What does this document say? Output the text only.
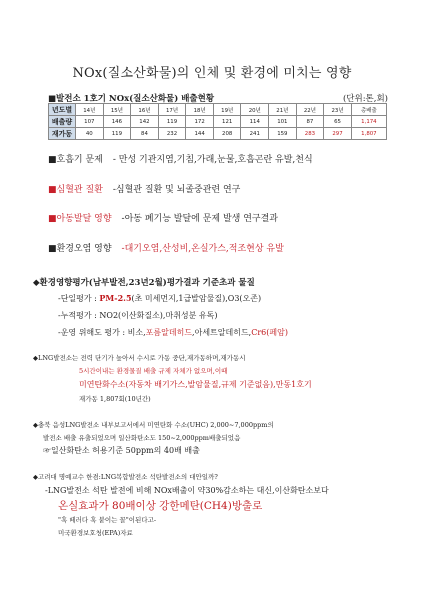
NOx(질소산화물)의 인체 및 환경에 미치는 영향
■발전소 1호기 NOx(질소산화물) 배출현황	(단위:톤,회)
년도별	14년	15년	16년	17년	18년	19년	20년	21년	22년	23년	총배출
배출량	107	146	142	119	172	121	114	101	87	65	1,174
재가동	40	119	84	232	144	208	241	159	283	297	1,807
■호흡기 문제 - 만성 기관지염,기침,가래,눈물,호흡곤란 유발,천식
■심혈관 질환 -심혈관 질환 및 뇌졸중관련 연구
■아동발달 영향 -아동 폐기능 발달에 문제 발생 연구결과
■환경오염 영향 -대기오염,산성비,온실가스,적조현상 유발
◆환경영향평가(남부발전,23년2월)평가결과 기준초과 물질
-단일평가 : PM-2.5(초 미세먼지,1급발암물질),O3(오존)
-누적평가 : NO2(이산화질소),마취성분 유독)
-운영 위해도 평가 : 비소,포름알데히드,아세트알데히드,Cr6(페암)
◆LNG발전소는 전력 단기가 높아서 수시로 가동 중단,재가동하며,재가동시
5시간이내는 환경물질 배출 규제 자체가 없으며,이때
미연탄화수소(자동차 배기가스,발암물질,규제 기준없음),만동1호기
재가동 1,807회(10년간)
◆충북 음성LNG발전소 내부보고서에서 미연탄화 수소(UHC) 2,000~7,000ppm의
발전소 배출 유출되었으며 일산화탄소도 150~2,000ppm배출되었음
☞일산화탄소 허용기준 50ppm의 40배 배출
◆고려대 명예교수 한겸:LNG복합발전소 석탄발전소의 대안일까?
-LNG발전소 석탄 발전에 비해 NOx배출이 약30%감소하는 대신,이산화탄소보다
온실효과가 80배이상 강한메탄(CH4)방출로
"혹 떼러다 혹 붙이는 꼴"이된다고-
미국환경보호청(EPA)자료
